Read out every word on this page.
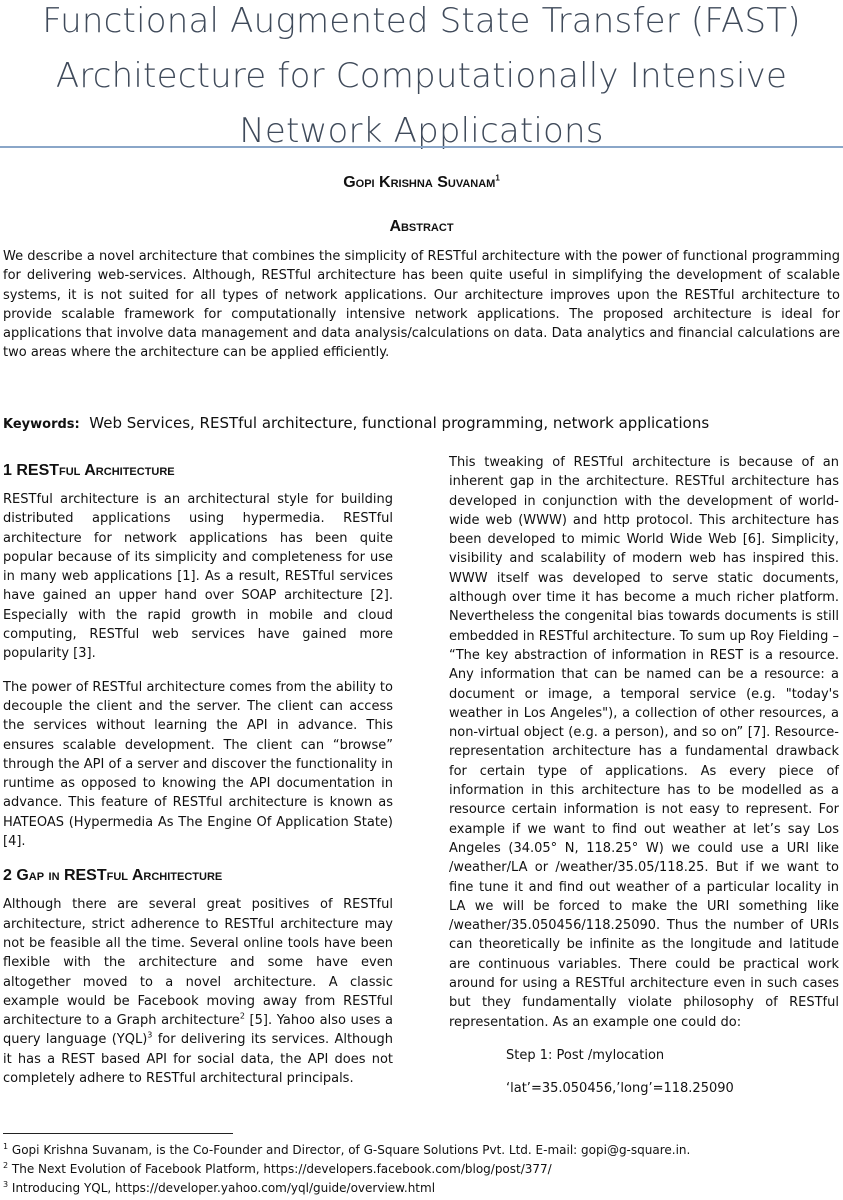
Functional Augmented State Transfer (FAST)
Architecture for Computationally Intensive
Network Applications
Gopi Krishna Suvanam$^1$
Abstract

We describe a novel architecture that combines the simplicity of RESTful architecture with the power of functional programming for delivering web-services. Although, RESTful architecture has been quite useful in simplifying the development of scalable systems, it is not suited for all types of network applications. Our architecture improves upon the RESTful architecture to provide scalable framework for computationally intensive network applications. The proposed architecture is ideal for applications that involve data management and data analysis/calculations on data. Data analytics and financial calculations are two areas where the architecture can be applied efficiently.

Keywords: Web Services, RESTful architecture, functional programming, network applications

1 RESTful Architecture

RESTful architecture is an architectural style for building distributed applications using hypermedia. RESTful architecture for network applications has been quite popular because of its simplicity and completeness for use in many web applications [1]. As a result, RESTful services have gained an upper hand over SOAP architecture [2]. Especially with the rapid growth in mobile and cloud computing, RESTful web services have gained more popularity [3].

The power of RESTful architecture comes from the ability to decouple the client and the server. The client can access the services without learning the API in advance. This ensures scalable development. The client can “browse” through the API of a server and discover the functionality in runtime as opposed to knowing the API documentation in advance. This feature of RESTful architecture is known as HATEOAS (Hypermedia As The Engine Of Application State) [4].

2 Gap in RESTful Architecture

Although there are several great positives of RESTful architecture, strict adherence to RESTful architecture may not be feasible all the time. Several online tools have been flexible with the architecture and some have even altogether moved to a novel architecture. A classic example would be Facebook moving away from RESTful architecture to a Graph architecture$^2$ [5]. Yahoo also uses a query language (YQL)$^3$ for delivering its services. Although it has a REST based API for social data, the API does not completely adhere to RESTful architectural principals.

This tweaking of RESTful architecture is because of an inherent gap in the architecture. RESTful architecture has developed in conjunction with the development of world-wide web (WWW) and http protocol. This architecture has been developed to mimic World Wide Web [6]. Simplicity, visibility and scalability of modern web has inspired this. WWW itself was developed to serve static documents, although over time it has become a much richer platform. Nevertheless the congenital bias towards documents is still embedded in RESTful architecture. To sum up Roy Fielding – “The key abstraction of information in REST is a resource. Any information that can be named can be a resource: a document or image, a temporal service (e.g. "today's weather in Los Angeles"), a collection of other resources, a non-virtual object (e.g. a person), and so on” [7]. Resource-representation architecture has a fundamental drawback for certain type of applications. As every piece of information in this architecture has to be modelled as a resource certain information is not easy to represent. For example if we want to find out weather at let’s say Los Angeles (34.05° N, 118.25° W) we could use a URI like /weather/LA or /weather/35.05/118.25. But if we want to fine tune it and find out weather of a particular locality in LA we will be forced to make the URI something like /weather/35.050456/118.25090. Thus the number of URIs can theoretically be infinite as the longitude and latitude are continuous variables. There could be practical work around for using a RESTful architecture even in such cases but they fundamentally violate philosophy of RESTful representation. As an example one could do:

Step 1: Post /mylocation

‘lat’=35.050456,’long’=118.25090

$^1$ Gopi Krishna Suvanam, is the Co-Founder and Director, of G-Square Solutions Pvt. Ltd. E-mail: gopi@g-square.in.

$^2$ The Next Evolution of Facebook Platform, https://developers.facebook.com/blog/post/377/

$^3$ Introducing YQL, https://developer.yahoo.com/yql/guide/overview.html
